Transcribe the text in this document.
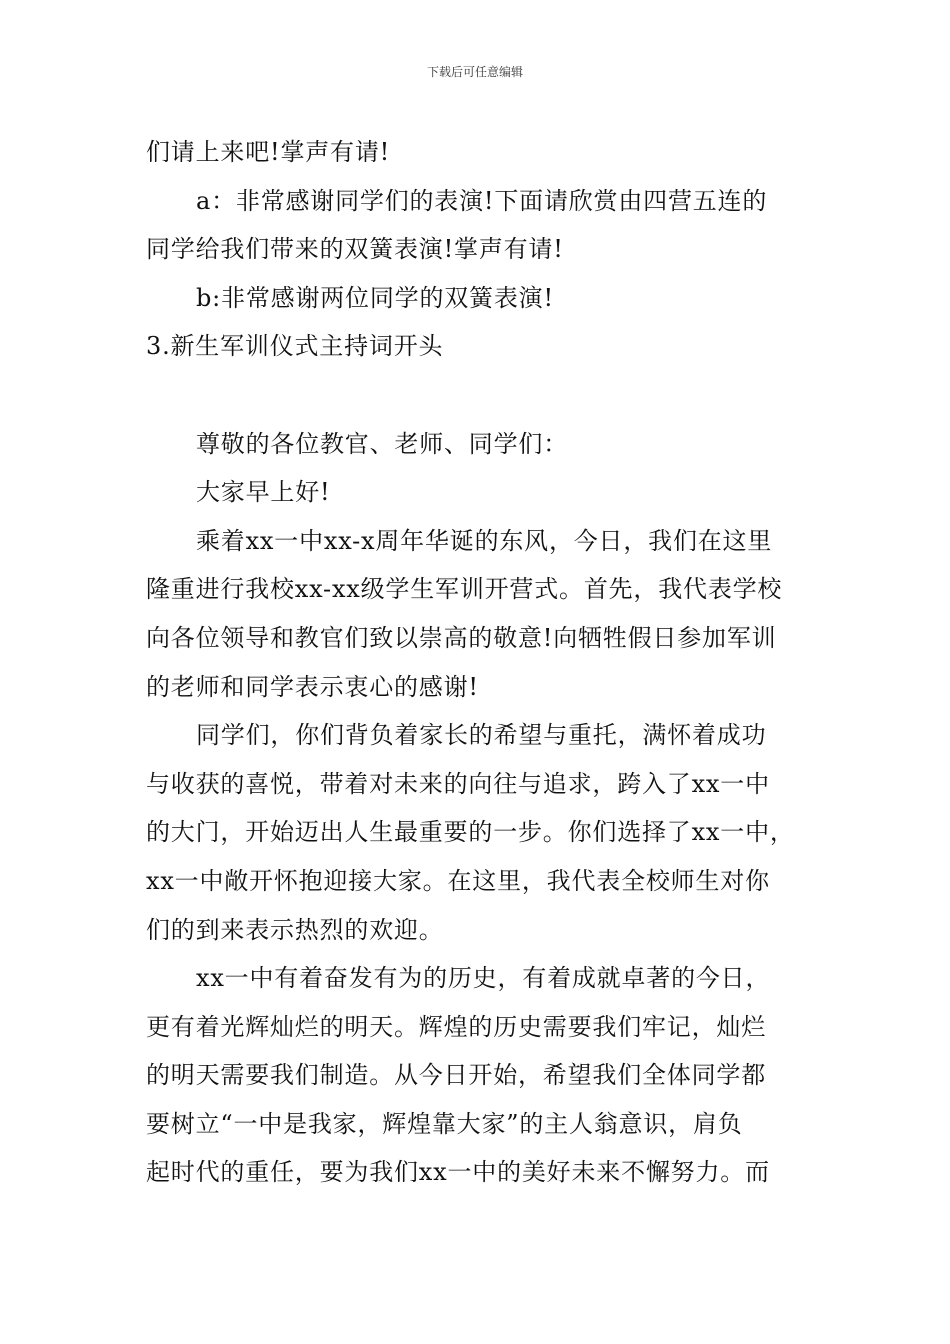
下载后可任意编辑
们请上来吧!掌声有请!
a：非常感谢同学们的表演!下面请欣赏由四营五连的
同学给我们带来的双簧表演!掌声有请!
b:非常感谢两位同学的双簧表演!
3.新生军训仪式主持词开头
尊敬的各位教官、老师、同学们：
大家早上好!
乘着xx一中xx-x周年华诞的东风，今日，我们在这里
隆重进行我校xx-xx级学生军训开营式。首先，我代表学校
向各位领导和教官们致以崇高的敬意!向牺牲假日参加军训
的老师和同学表示衷心的感谢!
同学们，你们背负着家长的希望与重托，满怀着成功
与收获的喜悦，带着对未来的向往与追求，跨入了xx一中
的大门，开始迈出人生最重要的一步。你们选择了xx一中，
xx一中敞开怀抱迎接大家。在这里，我代表全校师生对你
们的到来表示热烈的欢迎。
xx一中有着奋发有为的历史，有着成就卓著的今日，
更有着光辉灿烂的明天。辉煌的历史需要我们牢记，灿烂
的明天需要我们制造。从今日开始，希望我们全体同学都
要树立“一中是我家，辉煌靠大家”的主人翁意识，肩负
起时代的重任，要为我们xx一中的美好未来不懈努力。而
